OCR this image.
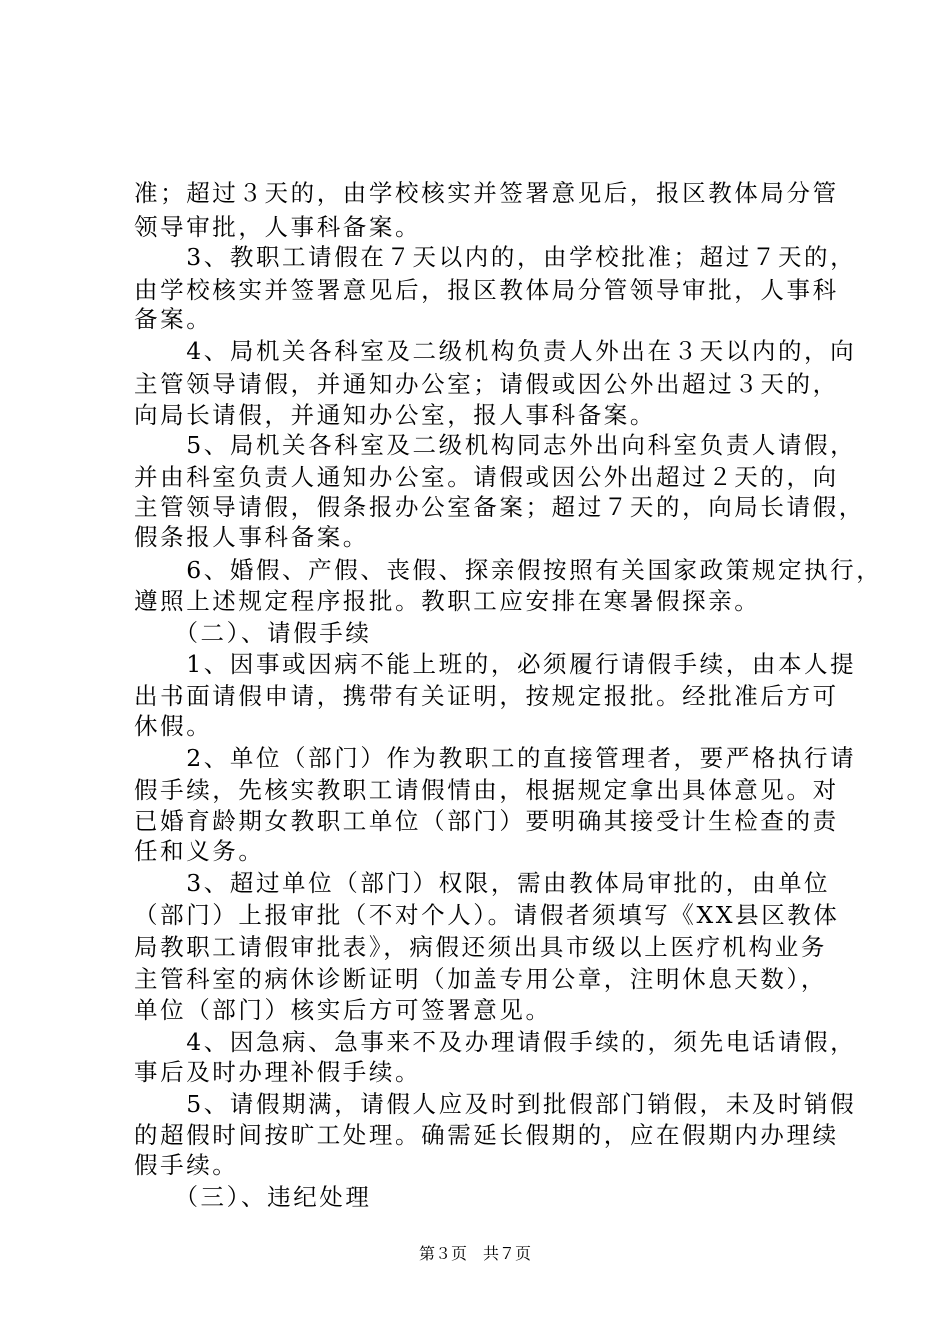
准；超过３天的，由学校核实并签署意见后，报区教体局分管
领导审批，人事科备案。
　　3、教职工请假在７天以内的，由学校批准；超过７天的，
由学校核实并签署意见后，报区教体局分管领导审批，人事科
备案。
　　4、局机关各科室及二级机构负责人外出在３天以内的，向
主管领导请假，并通知办公室；请假或因公外出超过３天的，
向局长请假，并通知办公室，报人事科备案。
　　5、局机关各科室及二级机构同志外出向科室负责人请假，
并由科室负责人通知办公室。请假或因公外出超过２天的，向
主管领导请假，假条报办公室备案；超过７天的，向局长请假，
假条报人事科备案。
　　6、婚假、产假、丧假、探亲假按照有关国家政策规定执行，
遵照上述规定程序报批。教职工应安排在寒暑假探亲。
　　（二）、请假手续
　　1、因事或因病不能上班的，必须履行请假手续，由本人提
出书面请假申请，携带有关证明，按规定报批。经批准后方可
休假。
　　2、单位（部门）作为教职工的直接管理者，要严格执行请
假手续，先核实教职工请假情由，根据规定拿出具体意见。对
已婚育龄期女教职工单位（部门）要明确其接受计生检查的责
任和义务。
　　3、超过单位（部门）权限，需由教体局审批的，由单位
（部门）上报审批（不对个人）。请假者须填写《XX县区教体
局教职工请假审批表》，病假还须出具市级以上医疗机构业务
主管科室的病休诊断证明（加盖专用公章，注明休息天数），
单位（部门）核实后方可签署意见。
　　4、因急病、急事来不及办理请假手续的，须先电话请假，
事后及时办理补假手续。
　　5、请假期满，请假人应及时到批假部门销假，未及时销假
的超假时间按旷工处理。确需延长假期的，应在假期内办理续
假手续。
　　（三）、违纪处理
第３页　共７页
